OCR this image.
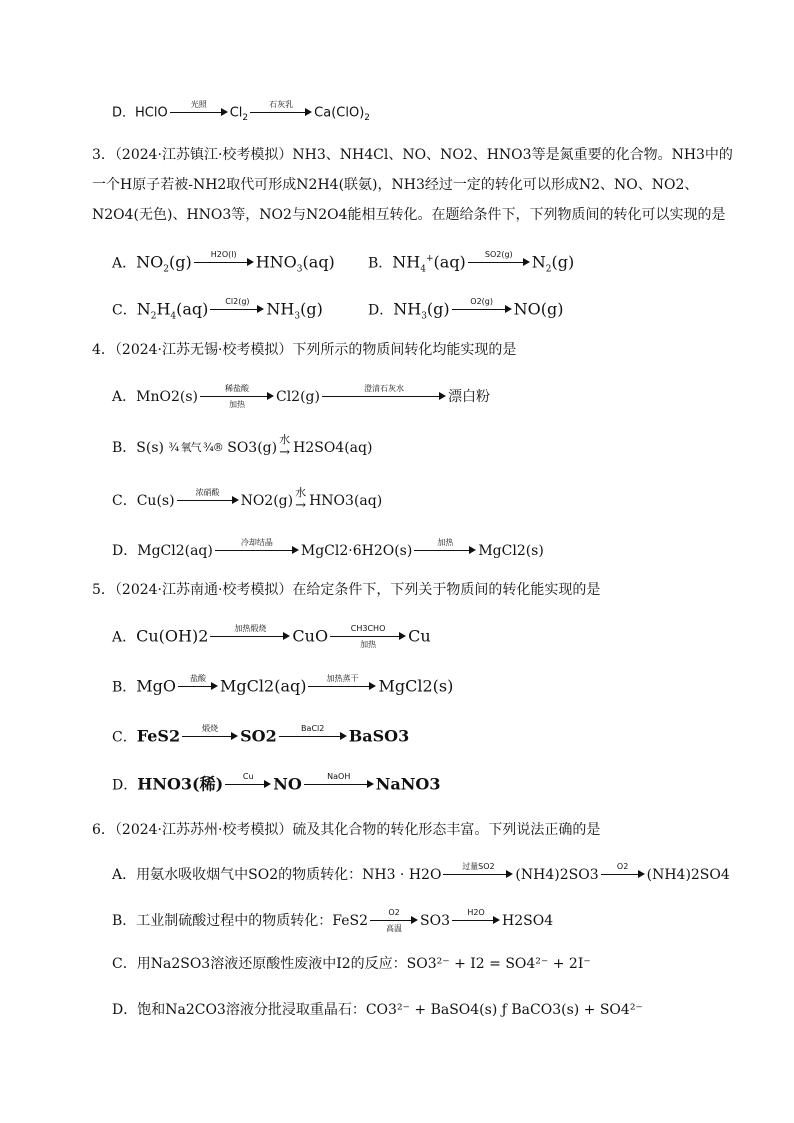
D．HClO
光照
$Cl_2$
石灰乳
$Ca(ClO)_2$
3．（2024·江苏镇江·校考模拟）NH3、NH4Cl、NO、NO2、HNO3等是氮重要的化合物。NH3中的
一个H原子若被-NH2取代可形成N2H4(联氨)，NH3经过一定的转化可以形成N2、NO、NO2、
N2O4(无色)、HNO3等，NO2与N2O4能相互转化。在题给条件下，下列物质间的转化可以实现的是
A．$NO_2(g)$	H2O(l)	$HNO_3(aq)$ B．$NH_4^+(aq)$	SO2(g)	$N_2(g)$
C．$N_2H_4(aq)$	Cl2(g)	$NH_3(g)$	D．$NH_3(g)$	O2(g)	NO(g)
4．（2024·江苏无锡·校考模拟）下列所示的物质间转化均能实现的是
A．MnO2(s)
稀盐酸
加热	Cl2(g)
澄清石灰水
漂白粉
B．S(s) ¾ 氧气 ¾® SO3(g)
水
→ H2SO4(aq)
C．Cu(s)
浓硝酸
NO2(g)
水
→ HNO3(aq)
D．MgCl2(aq)
冷却结晶
MgCl2·6H2O(s)
加热
MgCl2(s)
5．（2024·江苏南通·校考模拟）在给定条件下，下列关于物质间的转化能实现的是
A．Cu(OH)2	加热煅烧	CuO	CH3CHO
加热	Cu
B．MgO	盐酸 MgCl2(aq)	加热蒸干	MgCl2(s)
C．FeS2	煅烧	SO2	BaCl2	BaSO3
D．HNO3(稀)	Cu	NO	NaOH	NaNO3
6．（2024·江苏苏州·校考模拟）硫及其化合物的转化形态丰富。下列说法正确的是
A．用氨水吸收烟气中SO2的物质转化：NH3 · H2O
过量SO2
(NH4)2SO3
O2
(NH4)2SO4
B．工业制硫酸过程中的物质转化：FeS2
O2
高温	SO3
H2O
H2SO4
C．用Na2SO3溶液还原酸性废液中I2的反应：SO3²⁻ + I2 = SO4²⁻ + 2I⁻
D．饱和Na2CO3溶液分批浸取重晶石：CO3²⁻ + BaSO4(s) ƒ BaCO3(s) + SO4²⁻
